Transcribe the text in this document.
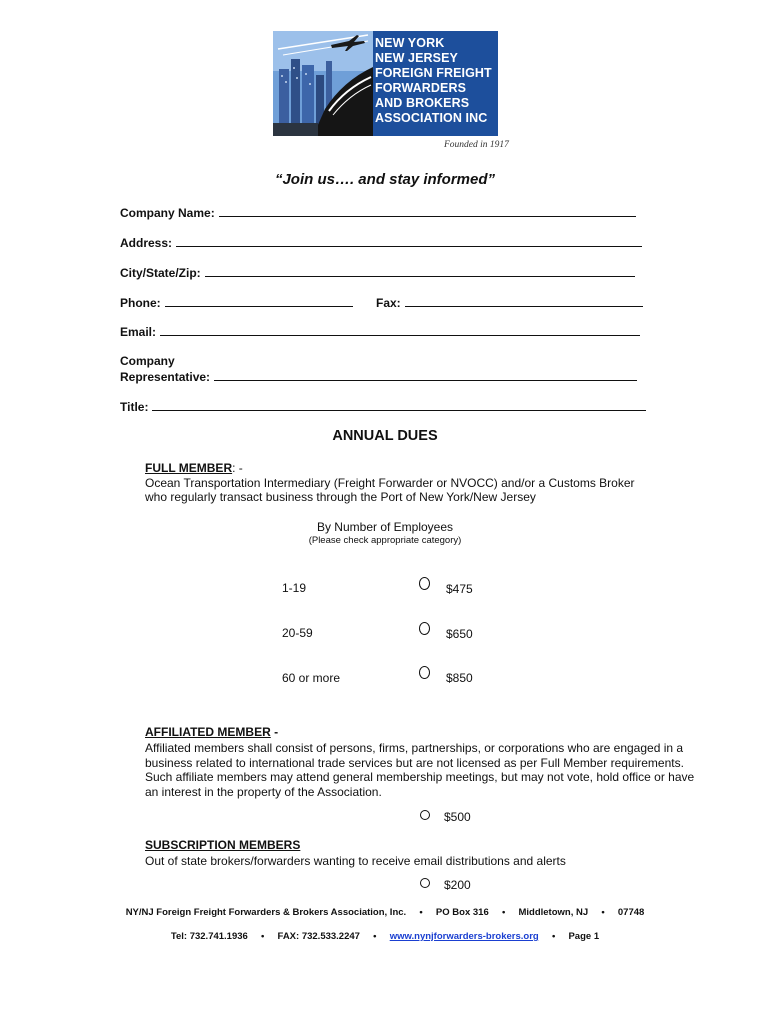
NEW YORK
NEW JERSEY
FOREIGN FREIGHT
FORWARDERS
AND BROKERS
ASSOCIATION INC
Founded in 1917
“Join us…. and stay informed”
Company Name:
Address:
City/State/Zip:
Phone:	Fax:
Email:
Company
Representative:
Title:
ANNUAL DUES
FULL MEMBER: -
Ocean Transportation Intermediary (Freight Forwarder or NVOCC) and/or a Customs Broker
who regularly transact business through the Port of New York/New Jersey
By Number of Employees
(Please check appropriate category)
1-19	$475
20-59	$650
60 or more	$850
AFFILIATED MEMBER -
Affiliated members shall consist of persons, firms, partnerships, or corporations who are engaged in a
business related to international trade services but are not licensed as per Full Member requirements.
Such affiliate members may attend general membership meetings, but may not vote, hold office or have
an interest in the property of the Association.
$500
SUBSCRIPTION MEMBERS
Out of state brokers/forwarders wanting to receive email distributions and alerts
$200
NY/NJ Foreign Freight Forwarders & Brokers Association, Inc. • PO Box 316 • Middletown, NJ • 07748
Tel: 732.741.1936 • FAX: 732.533.2247 • www.nynjforwarders-brokers.org • Page 1
